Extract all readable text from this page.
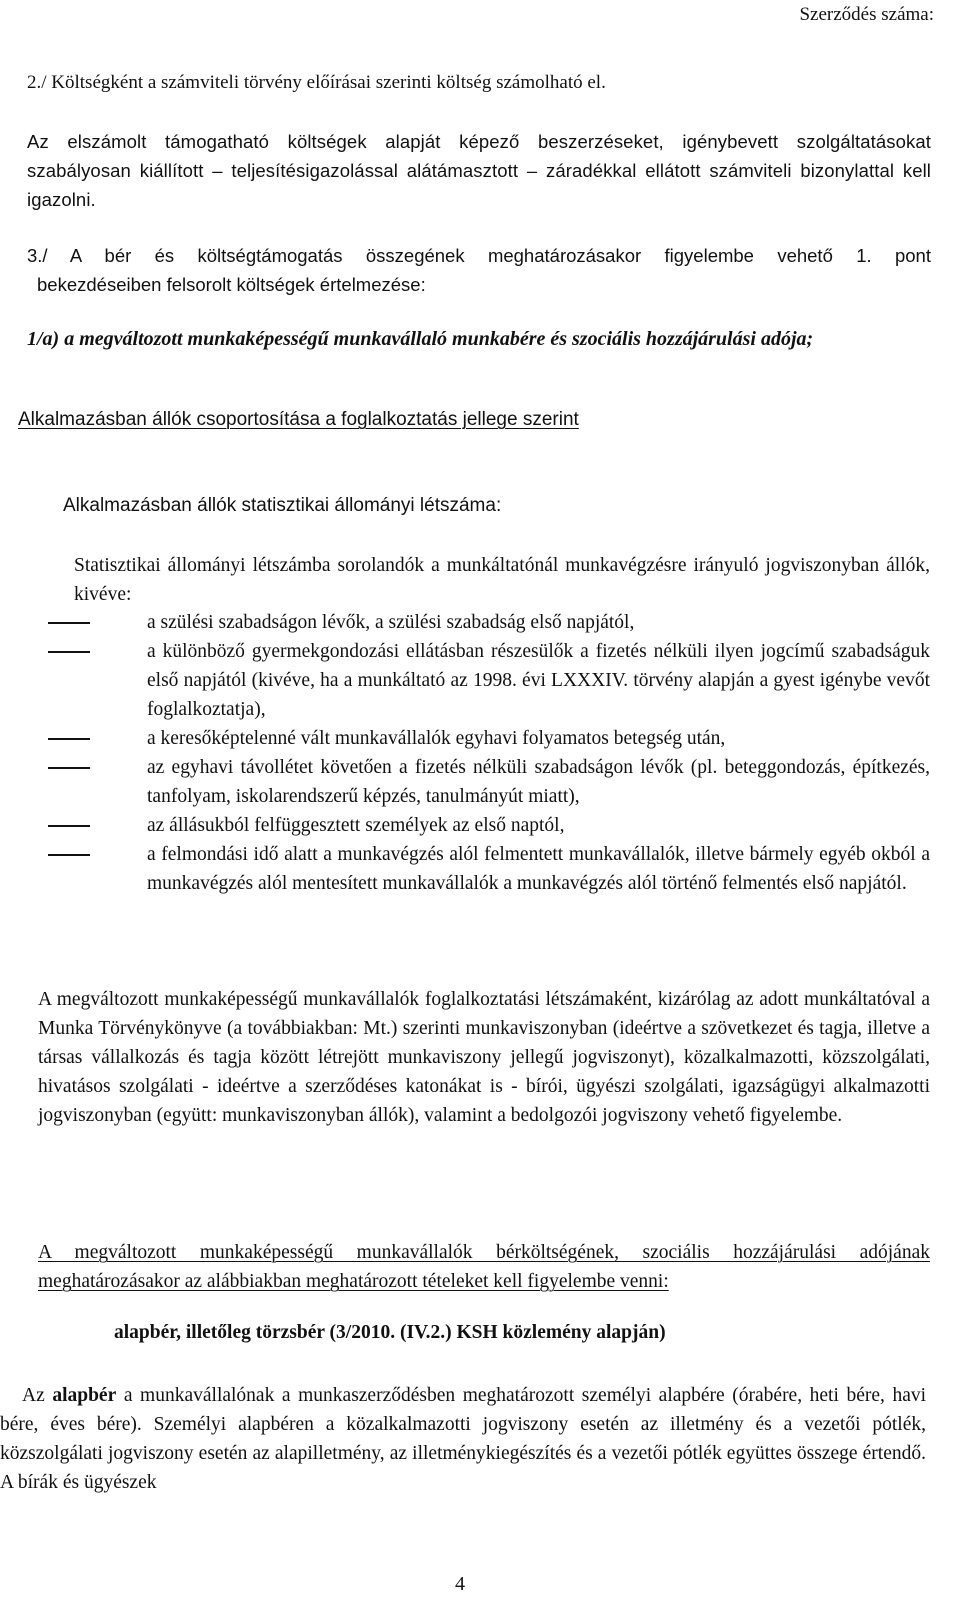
Szerződés száma:
2./ Költségként a számviteli törvény előírásai szerinti költség számolható el.
Az elszámolt támogatható költségek alapját képező beszerzéseket, igénybevett szolgáltatásokat szabályosan kiállított – teljesítésigazolással alátámasztott – záradékkal ellátott számviteli bizonylattal kell igazolni.
3./ A bér és költségtámogatás összegének meghatározásakor figyelembe vehető 1. pont
bekezdéseiben felsorolt költségek értelmezése:
1/a) a megváltozott munkaképességű munkavállaló munkabére és szociális hozzájárulási adója;
Alkalmazásban állók csoportosítása a foglalkoztatás jellege szerint
Alkalmazásban állók statisztikai állományi létszáma:
Statisztikai állományi létszámba sorolandók a munkáltatónál munkavégzésre irányuló jogviszonyban állók, kivéve:
a szülési szabadságon lévők, a szülési szabadság első napjától,
a különböző gyermekgondozási ellátásban részesülők a fizetés nélküli ilyen jogcímű szabadságuk első napjától (kivéve, ha a munkáltató az 1998. évi LXXXIV. törvény alapján a gyest igénybe vevőt foglalkoztatja),
a keresőképtelenné vált munkavállalók egyhavi folyamatos betegség után,
az egyhavi távollétet követően a fizetés nélküli szabadságon lévők (pl. beteggondozás, építkezés, tanfolyam, iskolarendszerű képzés, tanulmányút miatt),
az állásukból felfüggesztett személyek az első naptól,
a felmondási idő alatt a munkavégzés alól felmentett munkavállalók, illetve bármely egyéb okból a munkavégzés alól mentesített munkavállalók a munkavégzés alól történő felmentés első napjától.
A megváltozott munkaképességű munkavállalók foglalkoztatási létszámaként, kizárólag az adott munkáltatóval a Munka Törvénykönyve (a továbbiakban: Mt.) szerinti munkaviszonyban (ideértve a szövetkezet és tagja, illetve a társas vállalkozás és tagja között létrejött munkaviszony jellegű jogviszonyt), közalkalmazotti, közszolgálati, hivatásos szolgálati - ideértve a szerződéses katonákat is - bírói, ügyészi szolgálati, igazságügyi alkalmazotti jogviszonyban (együtt: munkaviszonyban állók), valamint a bedolgozói jogviszony vehető figyelembe.
A megváltozott munkaképességű munkavállalók bérköltségének, szociális hozzájárulási adójának meghatározásakor az alábbiakban meghatározott tételeket kell figyelembe venni:
alapbér, illetőleg törzsbér (3/2010. (IV.2.) KSH közlemény alapján)
Az alapbér a munkavállalónak a munkaszerződésben meghatározott személyi alapbére (órabére, heti bére, havi bére, éves bére). Személyi alapbéren a közalkalmazotti jogviszony esetén az illetmény és a vezetői pótlék, közszolgálati jogviszony esetén az alapilletmény, az illetménykiegészítés és a vezetői pótlék együttes összege értendő. A bírák és ügyészek
4
